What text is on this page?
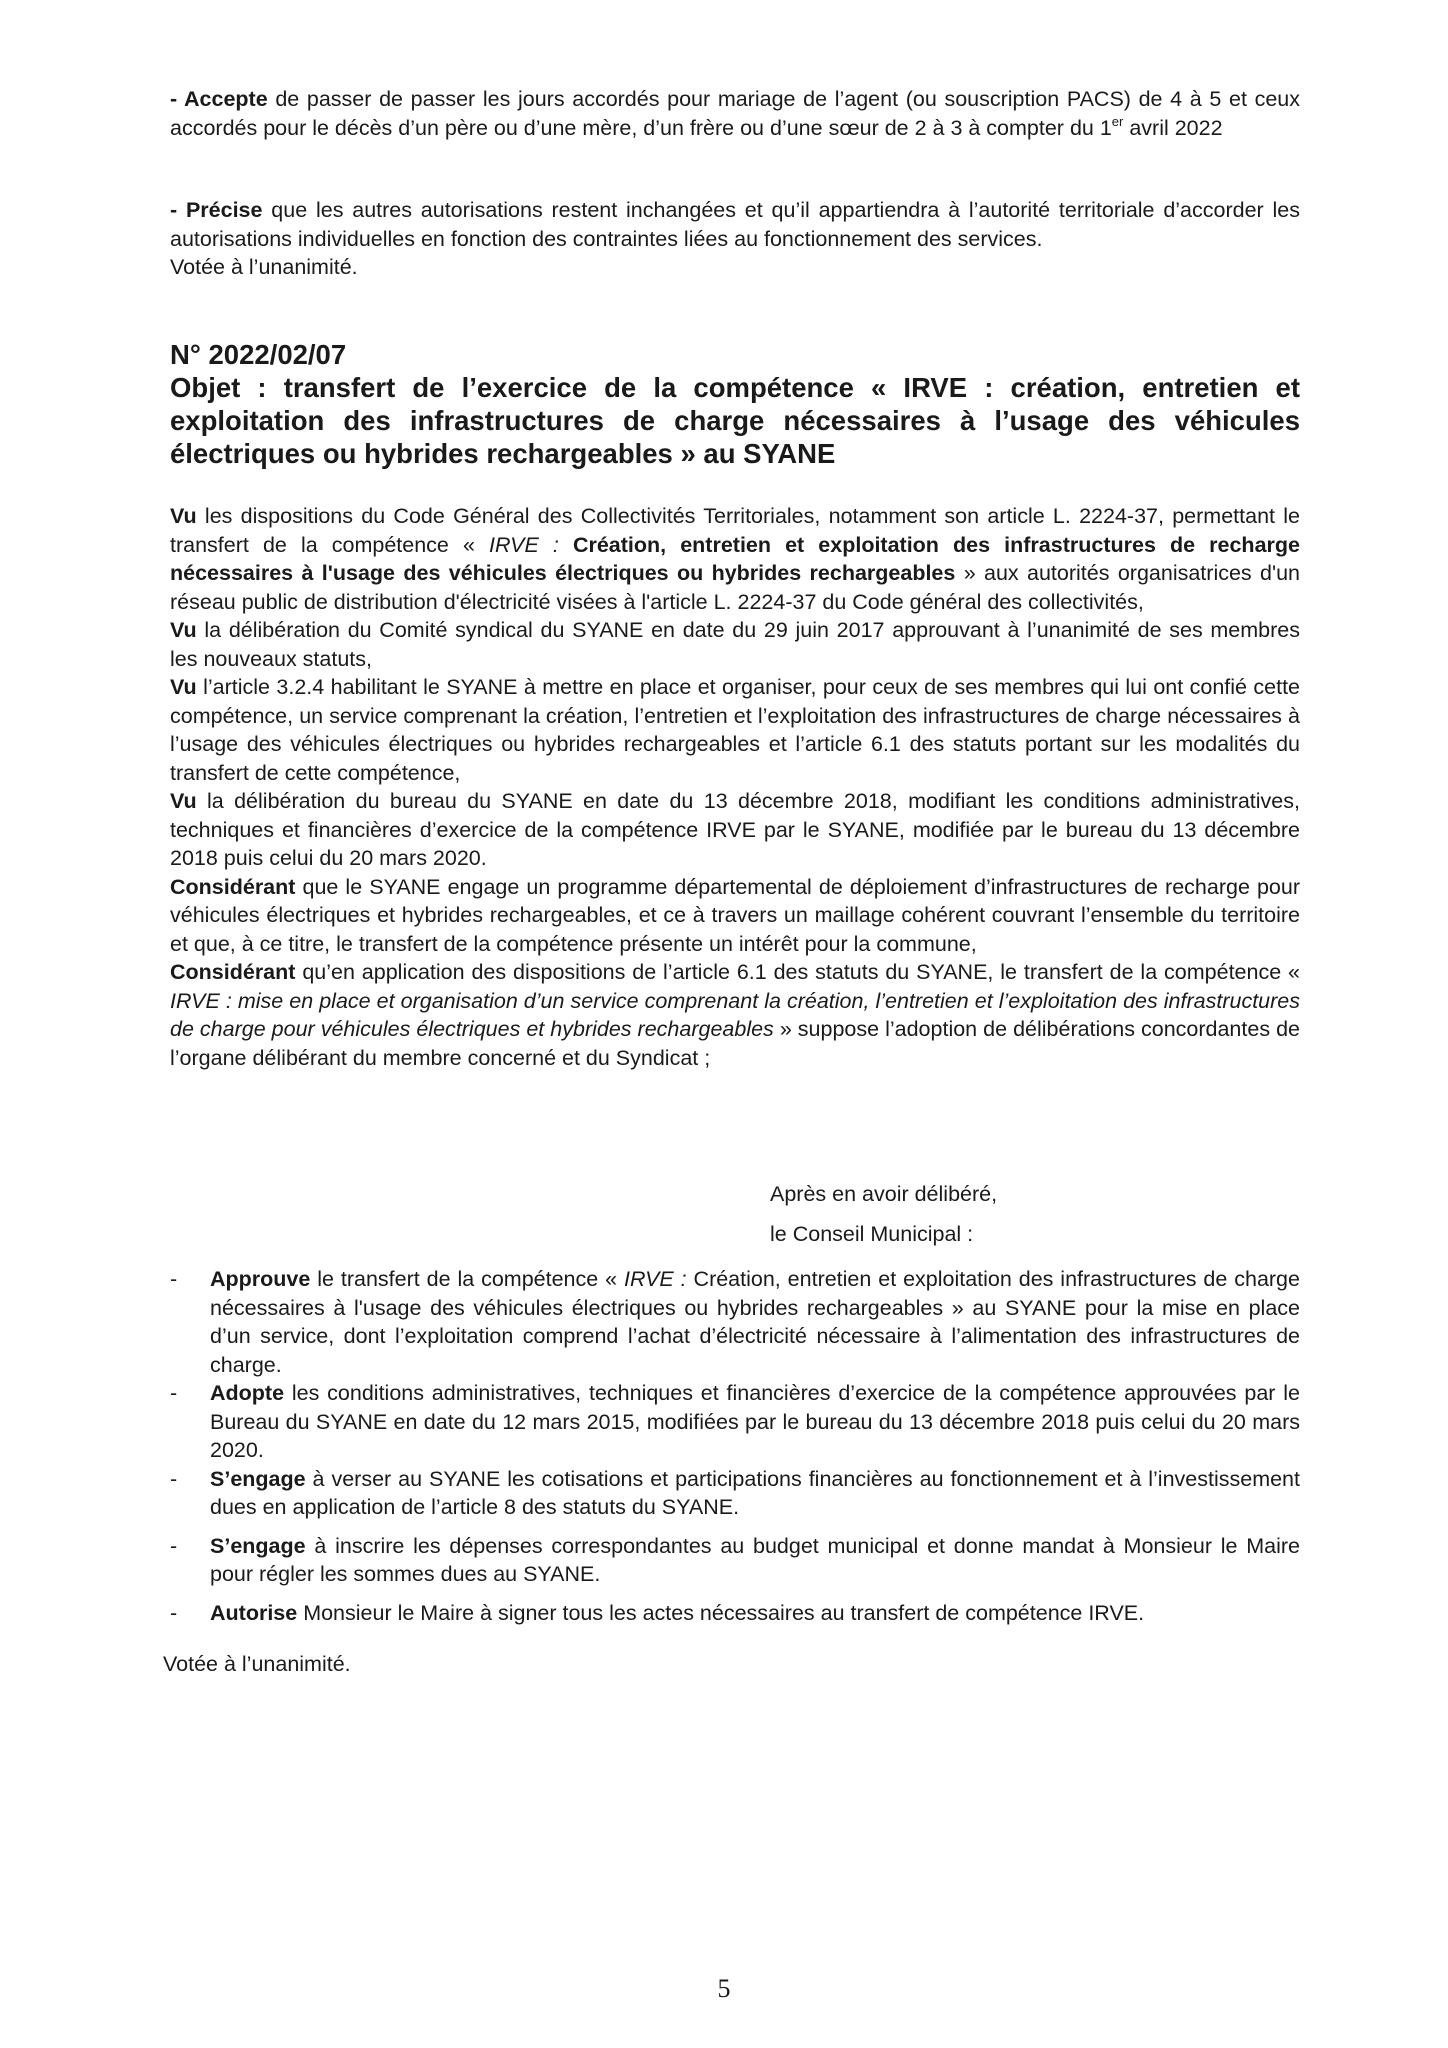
- Accepte de passer de passer les jours accordés pour mariage de l’agent (ou souscription PACS) de 4 à 5 et ceux accordés pour le décès d’un père ou d’une mère, d’un frère ou d’une sœur de 2 à 3 à compter du 1er avril 2022

- Précise que les autres autorisations restent inchangées et qu’il appartiendra à l’autorité territoriale d’accorder les autorisations individuelles en fonction des contraintes liées au fonctionnement des services.
Votée à l’unanimité.

N° 2022/02/07
Objet : transfert de l’exercice de la compétence « IRVE : création, entretien et exploitation des infrastructures de charge nécessaires à l’usage des véhicules électriques ou hybrides rechargeables » au SYANE

Vu les dispositions du Code Général des Collectivités Territoriales, notamment son article L. 2224-37, permettant le transfert de la compétence « IRVE : Création, entretien et exploitation des infrastructures de recharge nécessaires à l'usage des véhicules électriques ou hybrides rechargeables » aux autorités organisatrices d'un réseau public de distribution d'électricité visées à l'article L. 2224-37 du Code général des collectivités,
Vu la délibération du Comité syndical du SYANE en date du 29 juin 2017 approuvant à l’unanimité de ses membres les nouveaux statuts,
Vu l’article 3.2.4 habilitant le SYANE à mettre en place et organiser, pour ceux de ses membres qui lui ont confié cette compétence, un service comprenant la création, l’entretien et l’exploitation des infrastructures de charge nécessaires à l’usage des véhicules électriques ou hybrides rechargeables et l’article 6.1 des statuts portant sur les modalités du transfert de cette compétence,
Vu la délibération du bureau du SYANE en date du 13 décembre 2018, modifiant les conditions administratives, techniques et financières d’exercice de la compétence IRVE par le SYANE, modifiée par le bureau du 13 décembre 2018 puis celui du 20 mars 2020.
Considérant que le SYANE engage un programme départemental de déploiement d’infrastructures de recharge pour véhicules électriques et hybrides rechargeables, et ce à travers un maillage cohérent couvrant l’ensemble du territoire et que, à ce titre, le transfert de la compétence présente un intérêt pour la commune,
Considérant qu’en application des dispositions de l’article 6.1 des statuts du SYANE, le transfert de la compétence « IRVE : mise en place et organisation d’un service comprenant la création, l’entretien et l’exploitation des infrastructures de charge pour véhicules électriques et hybrides rechargeables » suppose l’adoption de délibérations concordantes de l’organe délibérant du membre concerné et du Syndicat ;

Après en avoir délibéré,

le Conseil Municipal :

- Approuve le transfert de la compétence « IRVE : Création, entretien et exploitation des infrastructures de charge nécessaires à l'usage des véhicules électriques ou hybrides rechargeables » au SYANE pour la mise en place d’un service, dont l’exploitation comprend l’achat d’électricité nécessaire à l’alimentation des infrastructures de charge.
- Adopte les conditions administratives, techniques et financières d’exercice de la compétence approuvées par le Bureau du SYANE en date du 12 mars 2015, modifiées par le bureau du 13 décembre 2018 puis celui du 20 mars 2020.
- S’engage à verser au SYANE les cotisations et participations financières au fonctionnement et à l’investissement dues en application de l’article 8 des statuts du SYANE.
- S’engage à inscrire les dépenses correspondantes au budget municipal et donne mandat à Monsieur le Maire pour régler les sommes dues au SYANE.
- Autorise Monsieur le Maire à signer tous les actes nécessaires au transfert de compétence IRVE.

Votée à l’unanimité.

5
